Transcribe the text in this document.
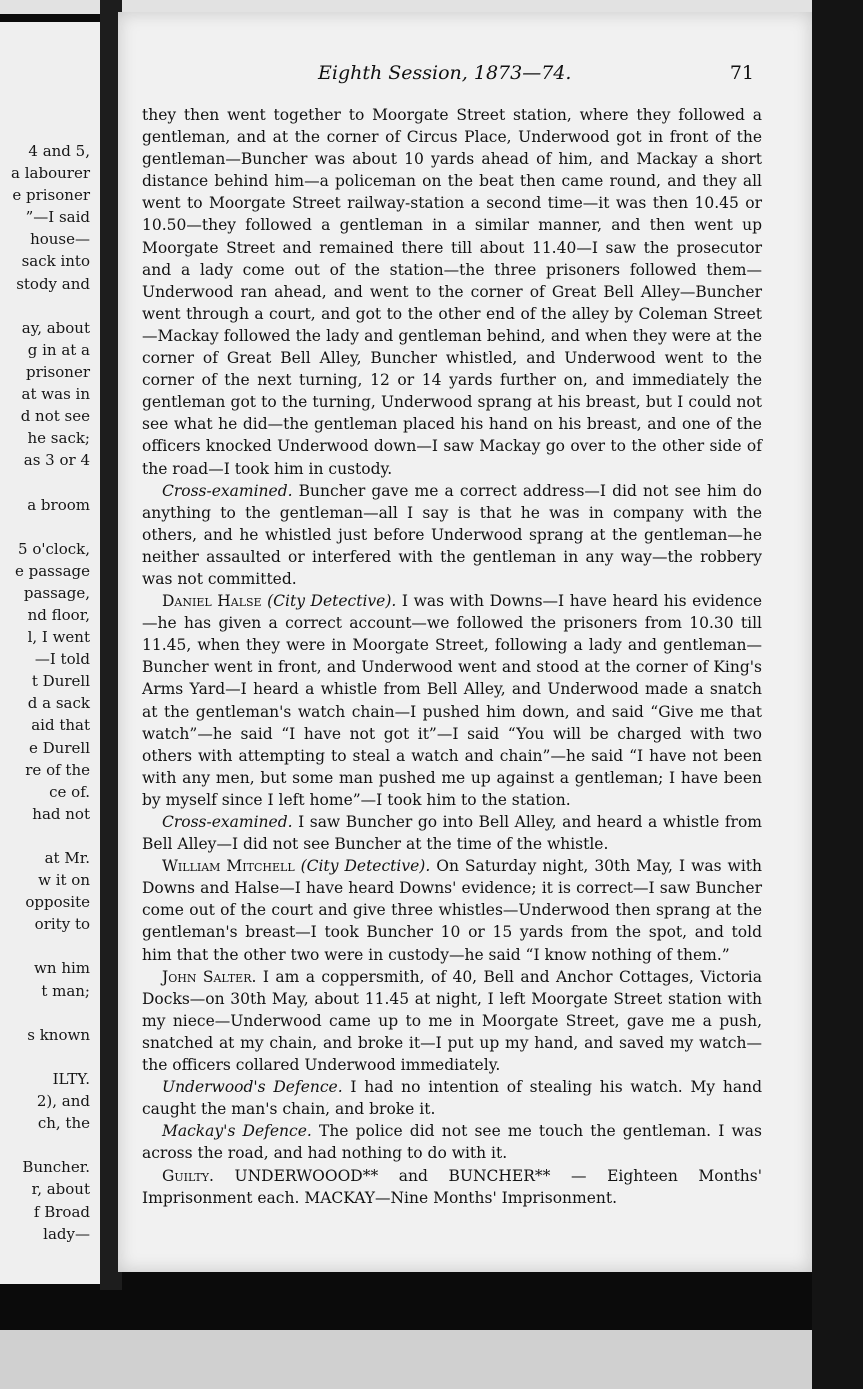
4 and 5,
a labourer
e prisoner
”—I said
house—
sack into
stody and
ay, about
g in at a
prisoner
at was in
d not see
he sack;
as 3 or 4
a broom
5 o'clock,
e passage
passage,
nd floor,
l, I went
—I told
t Durell
d a sack
aid that
e Durell
re of the
ce of.
had not
at Mr.
w it on
opposite
ority to
wn him
t man;
s known
ILTY.
2), and
ch, the
Buncher.
r, about
f Broad
lady—
Eighth Session, 1873—74.	71

they then went together to Moorgate Street station, where they followed a gentleman, and at the corner of Circus Place, Underwood got in front of the gentleman—Buncher was about 10 yards ahead of him, and Mackay a short distance behind him—a policeman on the beat then came round, and they all went to Moorgate Street railway-station a second time—it was then 10.45 or 10.50—they followed a gentleman in a similar manner, and then went up Moorgate Street and remained there till about 11.40—I saw the prosecutor and a lady come out of the station—the three prisoners followed them—Underwood ran ahead, and went to the corner of Great Bell Alley—Buncher went through a court, and got to the other end of the alley by Coleman Street—Mackay followed the lady and gentleman behind, and when they were at the corner of Great Bell Alley, Buncher whistled, and Underwood went to the corner of the next turning, 12 or 14 yards further on, and immediately the gentleman got to the turning, Underwood sprang at his breast, but I could not see what he did—the gentleman placed his hand on his breast, and one of the officers knocked Underwood down—I saw Mackay go over to the other side of the road—I took him in custody.

Cross-examined. Buncher gave me a correct address—I did not see him do anything to the gentleman—all I say is that he was in company with the others, and he whistled just before Underwood sprang at the gentleman—he neither assaulted or interfered with the gentleman in any way—the robbery was not committed.

Daniel Halse (City Detective). I was with Downs—I have heard his evidence—he has given a correct account—we followed the prisoners from 10.30 till 11.45, when they were in Moorgate Street, following a lady and gentleman—Buncher went in front, and Underwood went and stood at the corner of King's Arms Yard—I heard a whistle from Bell Alley, and Underwood made a snatch at the gentleman's watch chain—I pushed him down, and said “Give me that watch”—he said “I have not got it”—I said “You will be charged with two others with attempting to steal a watch and chain”—he said “I have not been with any men, but some man pushed me up against a gentleman; I have been by myself since I left home”—I took him to the station.

Cross-examined. I saw Buncher go into Bell Alley, and heard a whistle from Bell Alley—I did not see Buncher at the time of the whistle.

William Mitchell (City Detective). On Saturday night, 30th May, I was with Downs and Halse—I have heard Downs' evidence; it is correct—I saw Buncher come out of the court and give three whistles—Underwood then sprang at the gentleman's breast—I took Buncher 10 or 15 yards from the spot, and told him that the other two were in custody—he said “I know nothing of them.”

John Salter. I am a coppersmith, of 40, Bell and Anchor Cottages, Victoria Docks—on 30th May, about 11.45 at night, I left Moorgate Street station with my niece—Underwood came up to me in Moorgate Street, gave me a push, snatched at my chain, and broke it—I put up my hand, and saved my watch—the officers collared Underwood immediately.

Underwood's Defence. I had no intention of stealing his watch. My hand caught the man's chain, and broke it.

Mackay's Defence. The police did not see me touch the gentleman. I was across the road, and had nothing to do with it.

Guilty. UNDERWOOOD** and BUNCHER** — Eighteen Months' Imprisonment each. MACKAY—Nine Months' Imprisonment.
